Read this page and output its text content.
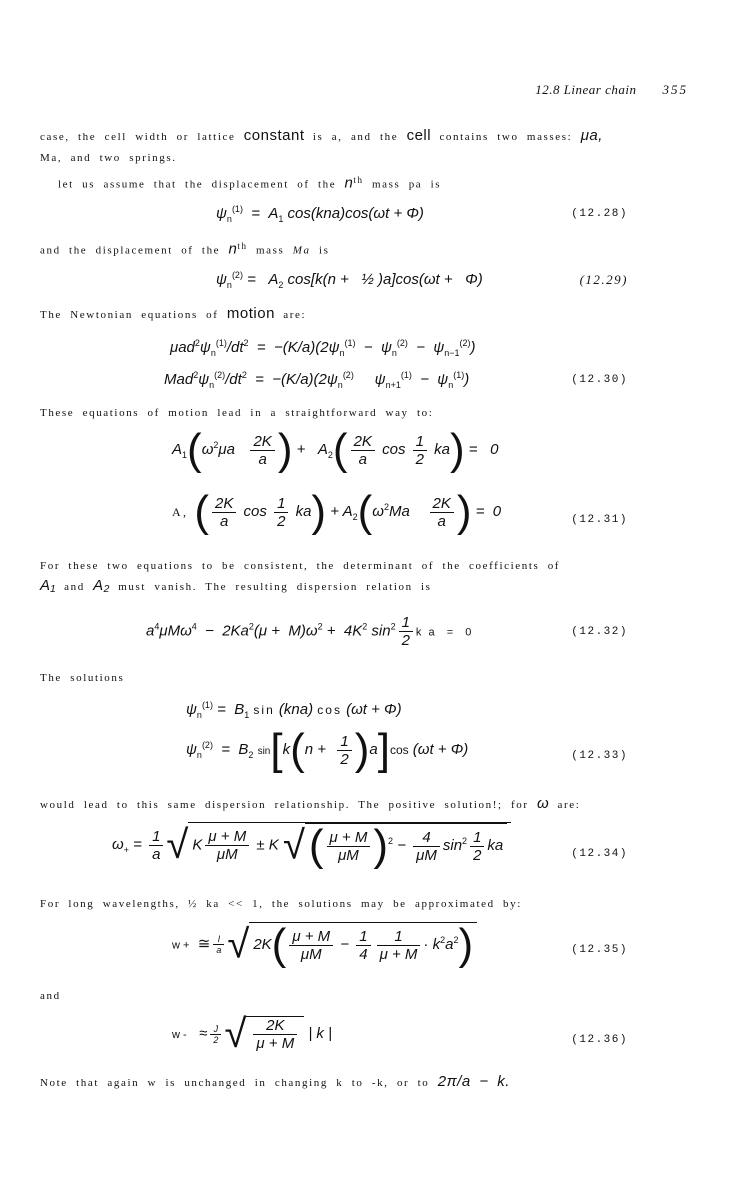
12.8 Linear chain 355
case, the cell width or lattice constant is a, and the cell contains two masses: μa,
Ma, and two springs.
let us assume that the displacement of the $n^{th}$ mass pa is
$\psi_n^{(1)} = A_1$ cos(kna)cos(ωt + Φ)	(12.28)
and the displacement of the $n^{th}$ mass Ma is
$\psi_n^{(2)} = A_2$ cos[k(n +   ½ )a]cos(ωt +   Φ)	(12.29)
The Newtonian equations of motion are:
$\mu ad^2\psi_n^{(1)}/dt^2 = -(K/a)(2\psi_n^{(1)} - \psi_n^{(2)} - \psi_{n-1}^{(2)})$
$Mad^2\psi_n^{(2)}/dt^2 = -(K/a)(2\psi_n^{(2)}$     $\psi_{n+1}^{(1)} - \psi_n^{(1)}$)	(12.30)
These equations of motion lead in a straightforward way to:
$A_1(\omega^2\mu a \frac{2K}{a}$ ) +   $A_2( \frac{2K}{a}$ $\cos \frac{1}{2} ka) = 0$
A , ( $\frac{2K}{a}$ $\cos \frac{1}{2} ka) + A_2(\omega^2Ma \frac{2K}{a}$ ) =  0
(12.31)
For these two equations to be consistent, the determinant of the coefficients of
A₁ and A₂ must vanish. The resulting dispersion relation is
$a^4\mu M\omega^4 - 2Ka^2(\mu + M)\omega^2 + 4K^2$ $\sin^2 \frac{1}{2}$ k a  =  0	(12.32)
The solutions
$\psi_n^{(1)} = B_1$ sin (kna) cos (ωt + Φ)
$\psi_n^{(2)} = B_2$ $\sin[k(n + \frac{1}{2} )a]\cos$ (ωt + Φ)	(12.33)
would lead to this same dispersion relationship. The positive solution!; for ω are:
$\omega_+ = \frac{1}{a}$ √ K $\frac{\mu + M}{\mu M} \pm K$ √( $\frac{\mu + M}{\mu M} )^2 - \frac{4}{\mu M} \sin^2 \frac{1}{2}$ ka
(12.34)
For long wavelengths, ½ ka << 1, the solutions may be approximated by:
w +  ≅ $\frac{l}{a}$ √ $2K( \frac{\mu + M}{\mu M} - \frac{1}{4} \frac{1}{\mu + M} \cdot k^2a^2)$	(12.35)
and
w -   ≈ $\frac{J}{2}$ √ $\frac{2K}{\mu + M}$ | k |	(12.36)
Note that again w is unchanged in changing k to -k, or to 2π/a − k.
